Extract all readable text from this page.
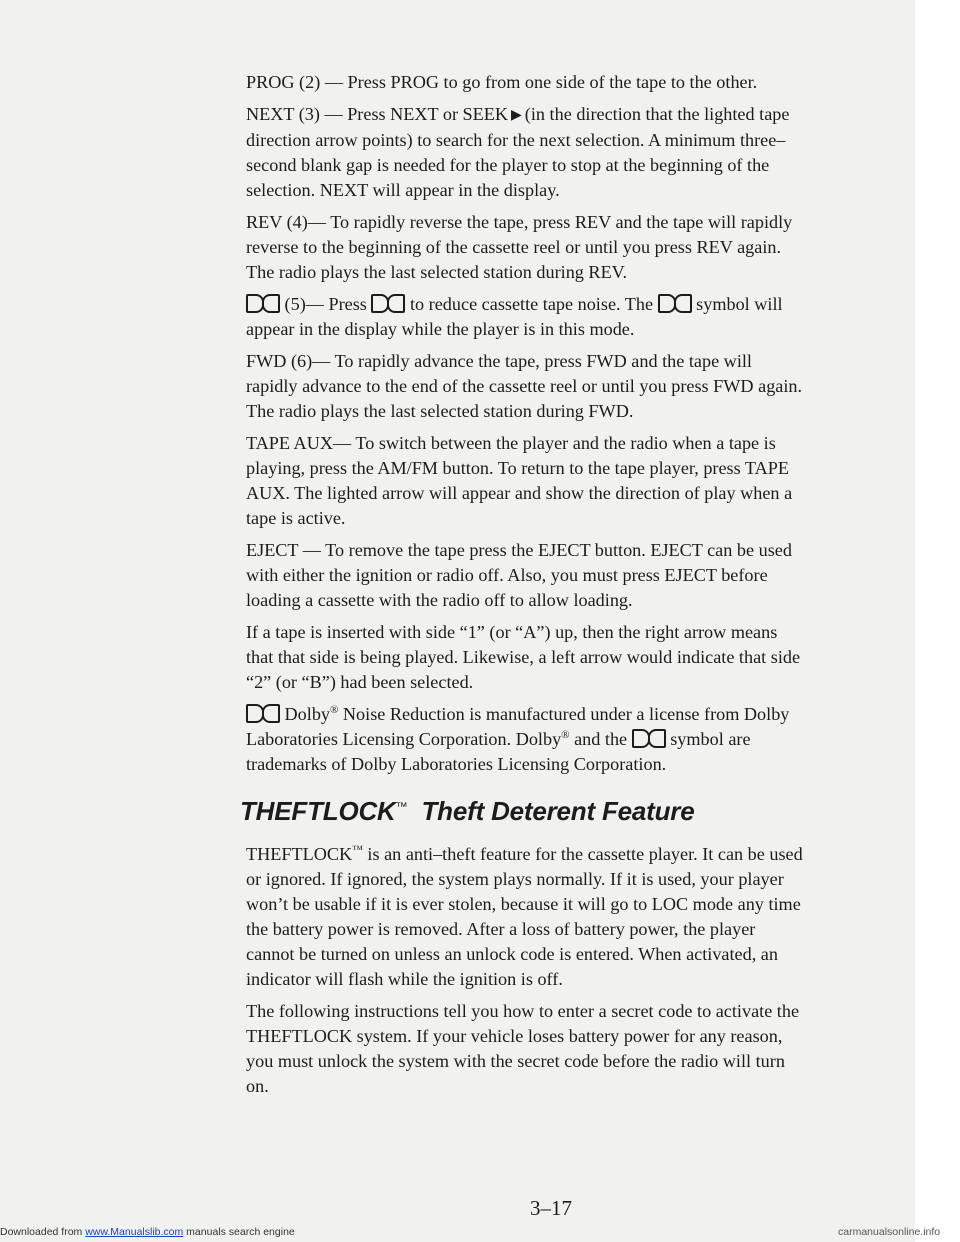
PROG (2) — Press PROG to go from one side of the tape to the other.

NEXT (3) — Press NEXT or SEEK ▶ (in the direction that the lighted tape direction arrow points) to search for the next selection. A minimum three–second blank gap is needed for the player to stop at the beginning of the selection. NEXT will appear in the display.

REV (4)— To rapidly reverse the tape, press REV and the tape will rapidly reverse to the beginning of the cassette reel or until you press REV again. The radio plays the last selected station during REV.

(5)— Press to reduce cassette tape noise. The symbol will appear in the display while the player is in this mode.

FWD (6)— To rapidly advance the tape, press FWD and the tape will rapidly advance to the end of the cassette reel or until you press FWD again. The radio plays the last selected station during FWD.

TAPE AUX— To switch between the player and the radio when a tape is playing, press the AM/FM button. To return to the tape player, press TAPE AUX. The lighted arrow will appear and show the direction of play when a tape is active.

EJECT — To remove the tape press the EJECT button. EJECT can be used with either the ignition or radio off. Also, you must press EJECT before loading a cassette with the radio off to allow loading.

If a tape is inserted with side “1” (or “A”) up, then the right arrow means that that side is being played. Likewise, a left arrow would indicate that side “2” (or “B”) had been selected.

Dolby® Noise Reduction is manufactured under a license from Dolby Laboratories Licensing Corporation. Dolby® and the symbol are trademarks of Dolby Laboratories Licensing Corporation.

THEFTLOCK™ Theft Deterent Feature

THEFTLOCK™ is an anti–theft feature for the cassette player. It can be used or ignored. If ignored, the system plays normally. If it is used, your player won’t be usable if it is ever stolen, because it will go to LOC mode any time the battery power is removed. After a loss of battery power, the player cannot be turned on unless an unlock code is entered. When activated, an indicator will flash while the ignition is off.

The following instructions tell you how to enter a secret code to activate the THEFTLOCK system. If your vehicle loses battery power for any reason, you must unlock the system with the secret code before the radio will turn on.

3–17
Downloaded from www.Manualslib.com manuals search engine	carmanualsonline.info
